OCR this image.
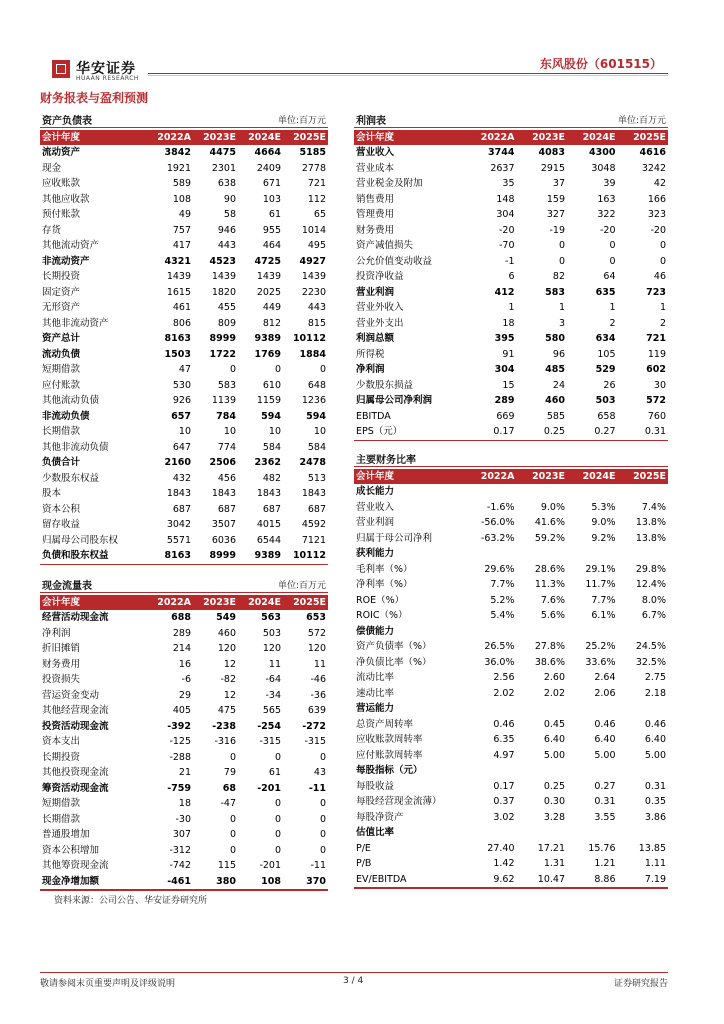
华安证券
HUAAN RESEARCH
东风股份（601515）
财务报表与盈利预测
资产负债表	单位:百万元
会计年度	2022A	2023E	2024E	2025E
流动资产	3842	4475	4664	5185
现金	1921	2301	2409	2778
应收账款	589	638	671	721
其他应收款	108	90	103	112
预付账款	49	58	61	65
存货	757	946	955	1014
其他流动资产	417	443	464	495
非流动资产	4321	4523	4725	4927
长期投资	1439	1439	1439	1439
固定资产	1615	1820	2025	2230
无形资产	461	455	449	443
其他非流动资产	806	809	812	815
资产总计	8163	8999	9389	10112
流动负债	1503	1722	1769	1884
短期借款	47	0	0	0
应付账款	530	583	610	648
其他流动负债	926	1139	1159	1236
非流动负债	657	784	594	594
长期借款	10	10	10	10
其他非流动负债	647	774	584	584
负债合计	2160	2506	2362	2478
少数股东权益	432	456	482	513
股本	1843	1843	1843	1843
资本公积	687	687	687	687
留存收益	3042	3507	4015	4592
归属母公司股东权	5571	6036	6544	7121
负债和股东权益	8163	8999	9389	10112
现金流量表	单位:百万元
会计年度	2022A	2023E	2024E	2025E
经营活动现金流	688	549	563	653
净利润	289	460	503	572
折旧摊销	214	120	120	120
财务费用	16	12	11	11
投资损失	-6	-82	-64	-46
营运资金变动	29	12	-34	-36
其他经营现金流	405	475	565	639
投资活动现金流	-392	-238	-254	-272
资本支出	-125	-316	-315	-315
长期投资	-288	0	0	0
其他投资现金流	21	79	61	43
筹资活动现金流	-759	68	-201	-11
短期借款	18	-47	0	0
长期借款	-30	0	0	0
普通股增加	307	0	0	0
资本公积增加	-312	0	0	0
其他筹资现金流	-742	115	-201	-11
现金净增加额	-461	380	108	370
利润表	单位:百万元
会计年度	2022A	2023E	2024E	2025E
营业收入	3744	4083	4300	4616
营业成本	2637	2915	3048	3242
营业税金及附加	35	37	39	42
销售费用	148	159	163	166
管理费用	304	327	322	323
财务费用	-20	-19	-20	-20
资产减值损失	-70	0	0	0
公允价值变动收益	-1	0	0	0
投资净收益	6	82	64	46
营业利润	412	583	635	723
营业外收入	1	1	1	1
营业外支出	18	3	2	2
利润总额	395	580	634	721
所得税	91	96	105	119
净利润	304	485	529	602
少数股东损益	15	24	26	30
归属母公司净利润	289	460	503	572
EBITDA	669	585	658	760
EPS（元）	0.17	0.25	0.27	0.31
主要财务比率
会计年度	2022A	2023E	2024E	2025E
成长能力
营业收入	-1.6%	9.0%	5.3%	7.4%
营业利润	-56.0%	41.6%	9.0%	13.8%
归属于母公司净利	-63.2%	59.2%	9.2%	13.8%
获利能力
毛利率（%）	29.6%	28.6%	29.1%	29.8%
净利率（%）	7.7%	11.3%	11.7%	12.4%
ROE（%）	5.2%	7.6%	7.7%	8.0%
ROIC（%）	5.4%	5.6%	6.1%	6.7%
偿债能力
资产负债率（%）	26.5%	27.8%	25.2%	24.5%
净负债比率（%）	36.0%	38.6%	33.6%	32.5%
流动比率	2.56	2.60	2.64	2.75
速动比率	2.02	2.02	2.06	2.18
营运能力
总资产周转率	0.46	0.45	0.46	0.46
应收账款周转率	6.35	6.40	6.40	6.40
应付账款周转率	4.97	5.00	5.00	5.00
每股指标（元）
每股收益	0.17	0.25	0.27	0.31
每股经营现金流薄）	0.37	0.30	0.31	0.35
每股净资产	3.02	3.28	3.55	3.86
估值比率
P/E	27.40	17.21	15.76	13.85
P/B	1.42	1.31	1.21	1.11
EV/EBITDA	9.62	10.47	8.86	7.19
资料来源：公司公告、华安证券研究所
敬请参阅末页重要声明及评级说明	3 / 4	证券研究报告
